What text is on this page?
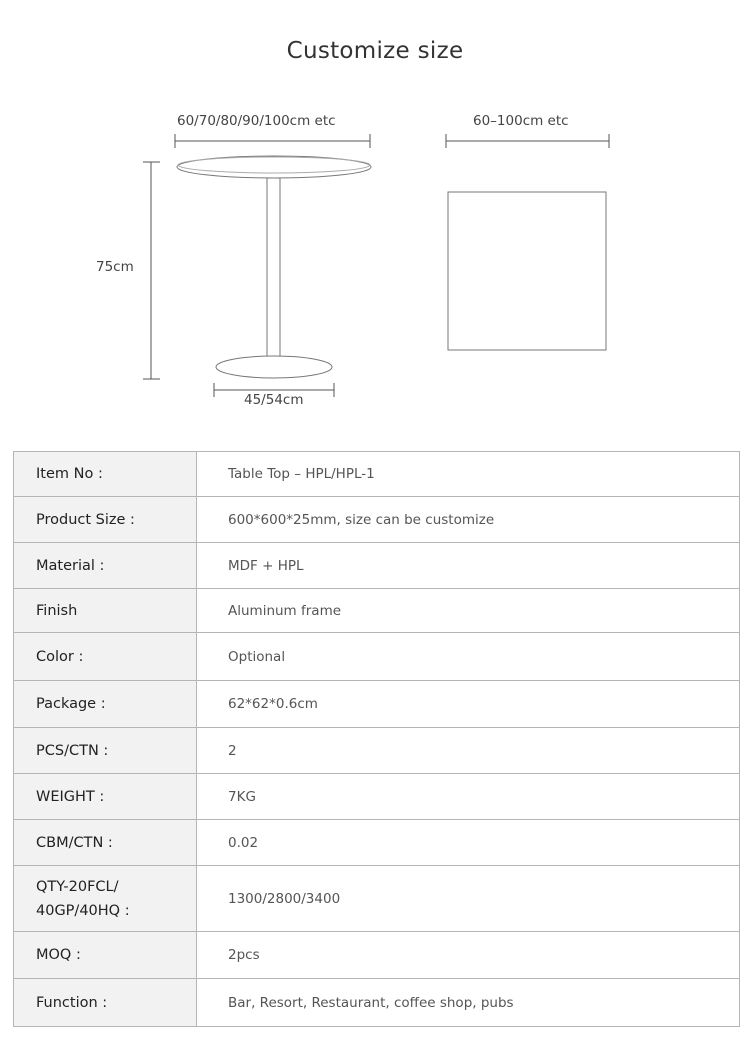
Customize size
60/70/80/90/100cm etc
75cm
45/54cm
60–100cm etc
Item No :	Table Top – HPL/HPL-1
Product Size :	600*600*25mm, size can be customize
Material :	MDF + HPL
Finish	Aluminum frame
Color :	Optional
Package :	62*62*0.6cm
PCS/CTN :	2
WEIGHT :	7KG
CBM/CTN :	0.02
QTY-20FCL/
40GP/40HQ :	1300/2800/3400
MOQ :	2pcs
Function :	Bar, Resort, Restaurant, coffee shop, pubs
